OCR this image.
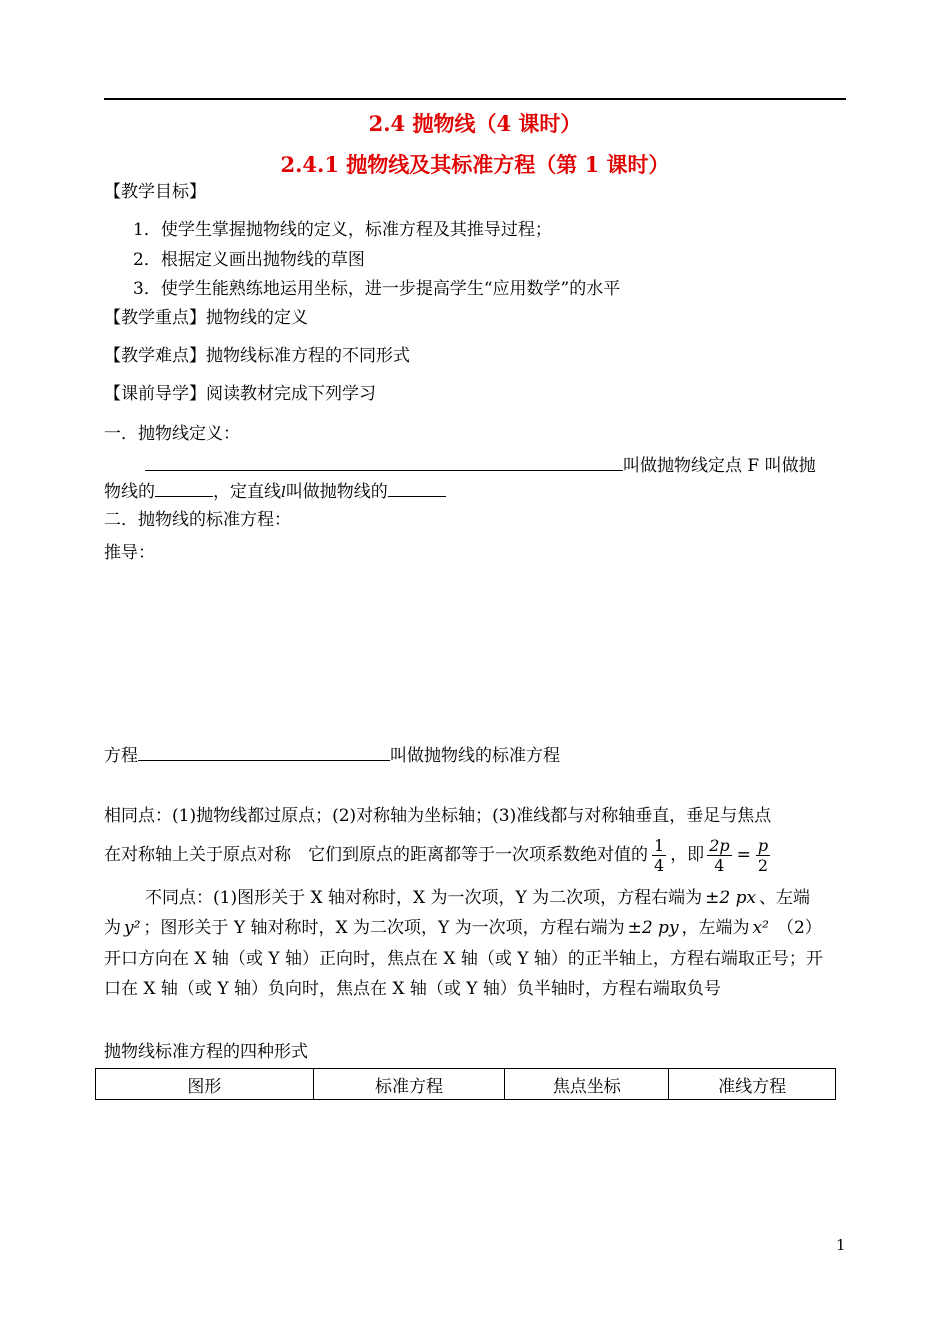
2.4 抛物线（4 课时）
2.4.1 抛物线及其标准方程（第 1 课时）
【教学目标】
1．使学生掌握抛物线的定义，标准方程及其推导过程；
2．根据定义画出抛物线的草图
3．使学生能熟练地运用坐标，进一步提高学生“应用数学”的水平
【教学重点】抛物线的定义
【教学难点】抛物线标准方程的不同形式
【课前导学】阅读教材完成下列学习
一．抛物线定义：
叫做抛物线定点 F 叫做抛
物线的	，定直线l叫做抛物线的
二．抛物线的标准方程：
推导：
方程	叫做抛物线的标准方程
相同点：(1)抛物线都过原点；(2)对称轴为坐标轴；(3)准线都与对称轴垂直，垂足与焦点
在对称轴上关于原点对称　它们到原点的距离都等于一次项系数绝对值的 $\frac{1}{4}$ ，即 $\frac{2p}{4} = \frac{p}{2}$
不同点：(1)图形关于 X 轴对称时，X 为一次项，Y 为二次项，方程右端为 ±2 px 、左端
为 y² ；图形关于 Y 轴对称时，X 为二次项，Y 为一次项，方程右端为 ±2 py ，左端为 x² （2）
开口方向在 X 轴（或 Y 轴）正向时，焦点在 X 轴（或 Y 轴）的正半轴上，方程右端取正号；开
口在 X 轴（或 Y 轴）负向时，焦点在 X 轴（或 Y 轴）负半轴时，方程右端取负号
抛物线标准方程的四种形式
图形	标准方程	焦点坐标	准线方程
1
